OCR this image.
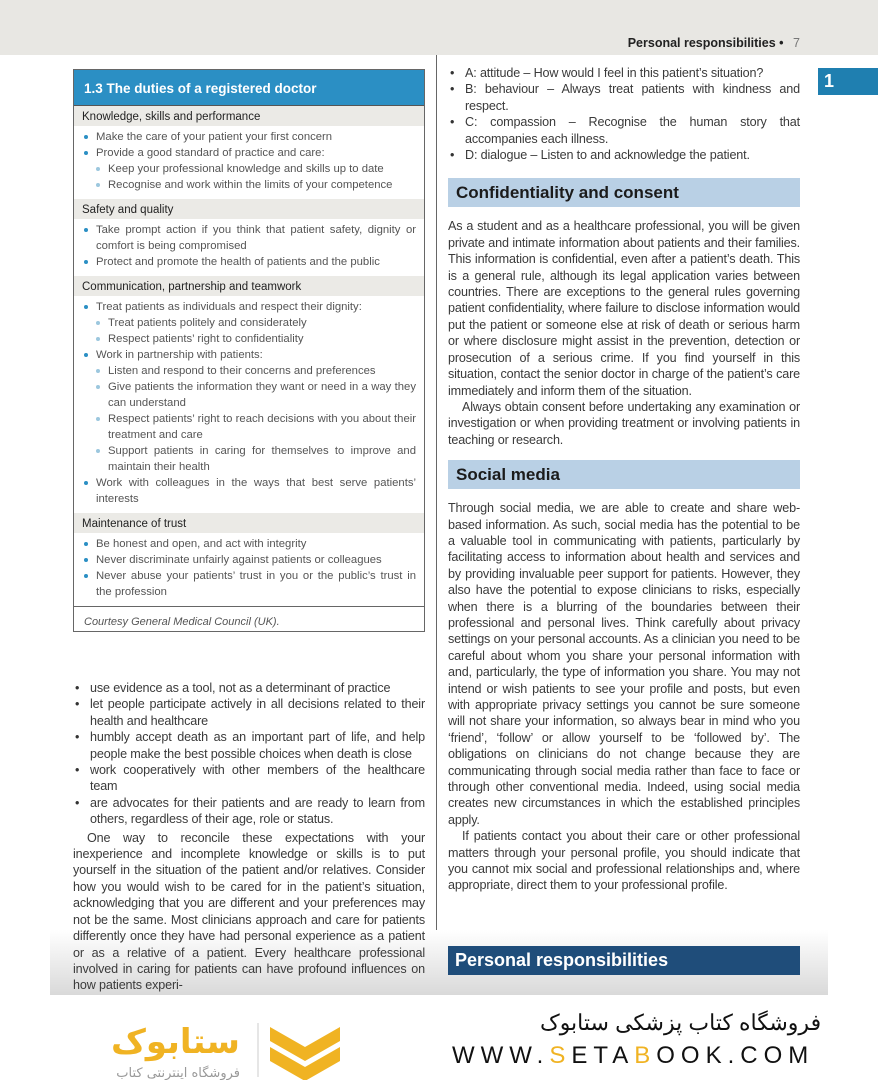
Personal responsibilities • 7
1
1.3 The duties of a registered doctor
Knowledge, skills and performance
Make the care of your patient your first concern
Provide a good standard of practice and care:
Keep your professional knowledge and skills up to date
Recognise and work within the limits of your competence
Safety and quality
Take prompt action if you think that patient safety, dignity or comfort is being compromised
Protect and promote the health of patients and the public
Communication, partnership and teamwork
Treat patients as individuals and respect their dignity:
Treat patients politely and considerately
Respect patients’ right to confidentiality
Work in partnership with patients:
Listen and respond to their concerns and preferences
Give patients the information they want or need in a way they can understand
Respect patients’ right to reach decisions with you about their treatment and care
Support patients in caring for themselves to improve and maintain their health
Work with colleagues in the ways that best serve patients’ interests
Maintenance of trust
Be honest and open, and act with integrity
Never discriminate unfairly against patients or colleagues
Never abuse your patients’ trust in you or the public’s trust in the profession
Courtesy General Medical Council (UK).
• use evidence as a tool, not as a determinant of practice
• let people participate actively in all decisions related to their health and healthcare
• humbly accept death as an important part of life, and help people make the best possible choices when death is close
• work cooperatively with other members of the healthcare team
• are advocates for their patients and are ready to learn from others, regardless of their age, role or status.

One way to reconcile these expectations with your inexperience and incomplete knowledge or skills is to put yourself in the situation of the patient and/or relatives. Consider how you would wish to be cared for in the patient’s situation, acknowledging that you are different and your preferences may not be the same. Most clinicians approach and care for patients differently once they have had personal experience as a patient or as a relative of a patient. Every healthcare professional involved in caring for patients can have profound influences on how patients experi-

• A: attitude – How would I feel in this patient’s situation?
• B: behaviour – Always treat patients with kindness and respect.
• C: compassion – Recognise the human story that accompanies each illness.
• D: dialogue – Listen to and acknowledge the patient.
Confidentiality and consent

As a student and as a healthcare professional, you will be given private and intimate information about patients and their families. This information is confidential, even after a patient’s death. This is a general rule, although its legal application varies between countries. There are exceptions to the general rules governing patient confidentiality, where failure to disclose information would put the patient or someone else at risk of death or serious harm or where disclosure might assist in the prevention, detection or prosecution of a serious crime. If you find yourself in this situation, contact the senior doctor in charge of the patient’s care immediately and inform them of the situation.

Always obtain consent before undertaking any examination or investigation or when providing treatment or involving patients in teaching or research.

Social media

Through social media, we are able to create and share web-based information. As such, social media has the potential to be a valuable tool in communicating with patients, particularly by facilitating access to information about health and services and by providing invaluable peer support for patients. However, they also have the potential to expose clinicians to risks, especially when there is a blurring of the boundaries between their professional and personal lives. Think carefully about privacy settings on your personal accounts. As a clinician you need to be careful about whom you share your personal information with and, particularly, the type of information you share. You may not intend or wish patients to see your profile and posts, but even with appropriate privacy settings you cannot be sure someone will not share your information, so always bear in mind who you ‘friend’, ‘follow’ or allow yourself to be ‘followed by’. The obligations on clinicians do not change because they are communicating through social media rather than face to face or through other conventional media. Indeed, using social media creates new circumstances in which the established principles apply.

If patients contact you about their care or other professional matters through your personal profile, you should indicate that you cannot mix social and professional relationships and, where appropriate, direct them to your professional profile.

Personal responsibilities
ستابوک
فروشگاه اینترنتی کتاب
فروشگاه کتاب پزشکی ستابوک
WWW.SETABOOK.COM
